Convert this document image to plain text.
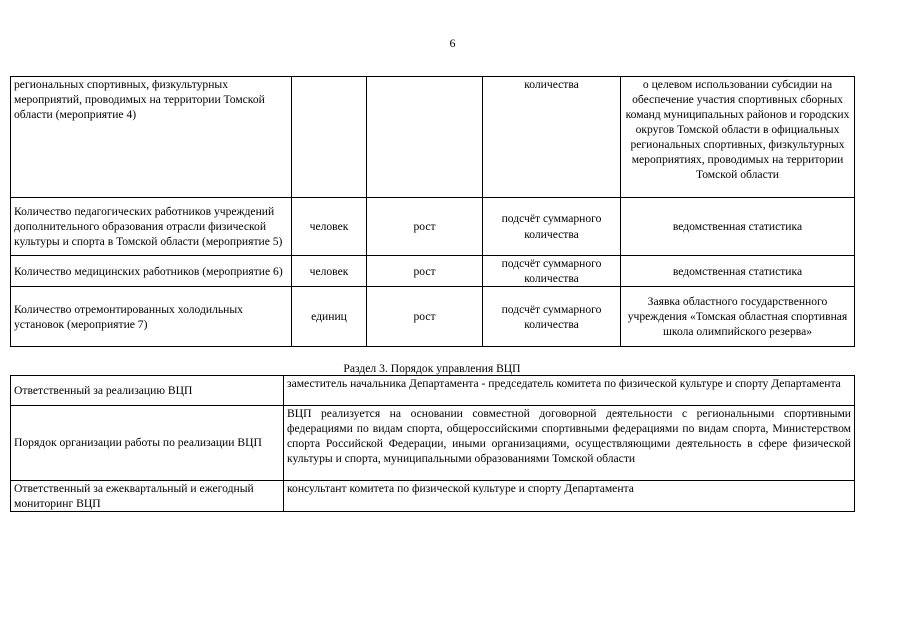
6
региональных спортивных, физкультурных мероприятий, проводимых на территории Томской области (мероприятие 4)			количества	о целевом использовании субсидии на обеспечение участия спортивных сборных команд муниципальных районов и городских округов Томской области в официальных региональных спортивных, физкультурных мероприятиях, проводимых на территории Томской области
Количество педагогических работников учреждений дополнительного образования отрасли физической культуры и спорта в Томской области (мероприятие 5)	человек	рост	подсчёт суммарного количества	ведомственная статистика
Количество медицинских работников (мероприятие 6)	человек	рост	подсчёт суммарного количества	ведомственная статистика
Количество отремонтированных холодильных установок (мероприятие 7)	единиц	рост	подсчёт суммарного количества	Заявка областного государственного учреждения «Томская областная спортивная школа олимпийского резерва»
Раздел 3. Порядок управления ВЦП
Ответственный за реализацию ВЦП	заместитель начальника Департамента - председатель комитета по физической культуре и спорту Департамента
Порядок организации работы по реализации ВЦП	ВЦП реализуется на основании совместной договорной деятельности с региональными спортивными федерациями по видам спорта, общероссийскими спортивными федерациями по видам спорта, Министерством спорта Российской Федерации, иными организациями, осуществляющими деятельность в сфере физической культуры и спорта, муниципальными образованиями Томской области
Ответственный за ежеквартальный и ежегодный мониторинг ВЦП	консультант комитета по физической культуре и спорту Департамента
